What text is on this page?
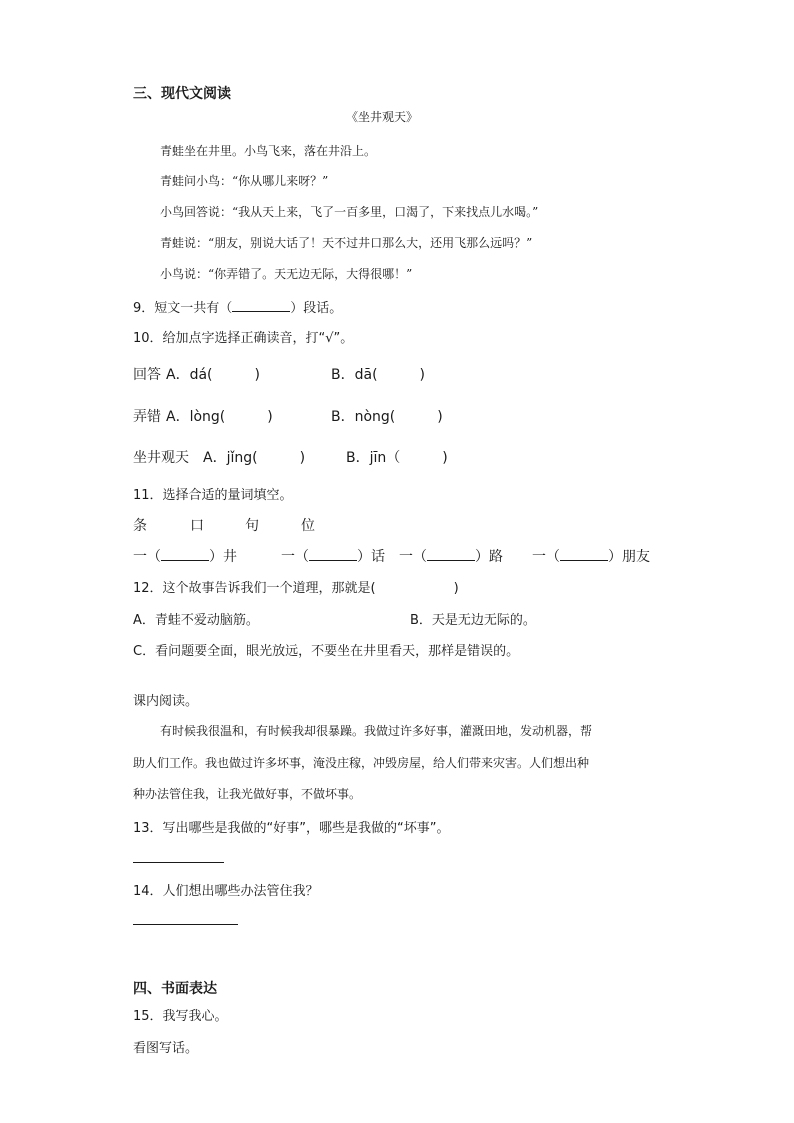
三、现代文阅读
《坐井观天》
青蛙坐在井里。小鸟飞来，落在井沿上。
青蛙问小鸟：“你从哪儿来呀？”
小鸟回答说：“我从天上来，飞了一百多里，口渴了，下来找点儿水喝。”
青蛙说：“朋友，别说大话了！天不过井口那么大，还用飞那么远吗？”
小鸟说：“你弄错了。天无边无际，大得很哪！”
9．短文一共有（	）段话。
10．给加点字选择正确读音，打“√”。
回答 A．dá(　　　)	B．dā(　　　)
弄错 A．lòng(　　　)	B．nòng(　　　)
坐井观天 A．jǐng(　　　)	B．jīn（　　　)
11．选择合适的量词填空。
条	口	句	位
一（	）井	一（	）话 一（	）路 一（	）朋友
12．这个故事告诉我们一个道理，那就是(　　　　　　)
A．青蛙不爱动脑筋。	B．天是无边无际的。
C．看问题要全面，眼光放远，不要坐在井里看天，那样是错误的。
课内阅读。
有时候我很温和，有时候我却很暴躁。我做过许多好事，灌溉田地，发动机器，帮
助人们工作。我也做过许多坏事，淹没庄稼，冲毁房屋，给人们带来灾害。人们想出种
种办法管住我，让我光做好事，不做坏事。
13．写出哪些是我做的“好事”，哪些是我做的“坏事”。
14．人们想出哪些办法管住我？
四、书面表达
15．我写我心。
看图写话。
